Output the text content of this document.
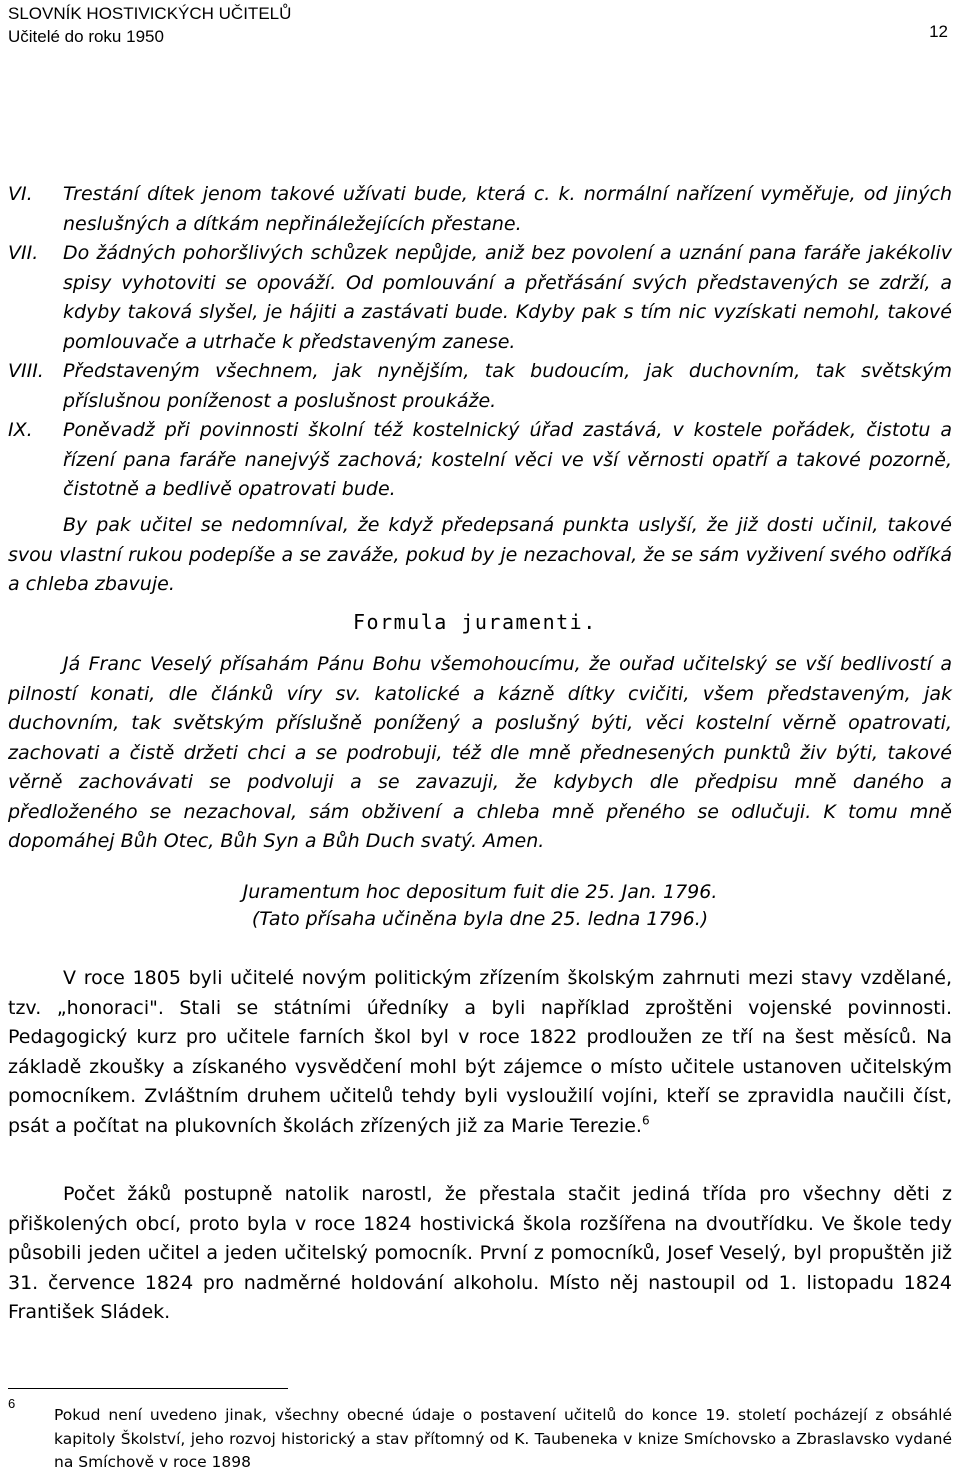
SLOVNÍK HOSTIVICKÝCH UČITELŮ
Učitelé do roku 1950	12
VI.	Trestání dítek jenom takové užívati bude, která c. k. normální nařízení vyměřuje, od jiných neslušných a dítkám nepřináležejících přestane.
VII.	Do žádných pohoršlivých schůzek nepůjde, aniž bez povolení a uznání pana faráře jakékoliv spisy vyhotoviti se opováží. Od pomlouvání a přetřásání svých představených se zdrží, a kdyby taková slyšel, je hájiti a zastávati bude. Kdyby pak s tím nic vyzískati nemohl, takové pomlouvače a utrhače k představeným zanese.
VIII.	Představeným všechnem, jak nynějším, tak budoucím, jak duchovním, tak světským příslušnou poníženost a poslušnost proukáže.
IX.	Poněvadž při povinnosti školní též kostelnický úřad zastává, v kostele pořádek, čistotu a řízení pana faráře nanejvýš zachová; kostelní věci ve vší věrnosti opatří a takové pozorně, čistotně a bedlivě opatrovati bude.
By pak učitel se nedomníval, že když předepsaná punkta uslyší, že již dosti učinil, takové svou vlastní rukou podepíše a se zaváže, pokud by je nezachoval, že se sám vyživení svého odříká a chleba zbavuje.
Formula juramenti.
Já Franc Veselý přísahám Pánu Bohu všemohoucímu, že ouřad učitelský se vší bedlivostí a pilností konati, dle článků víry sv. katolické a kázně dítky cvičiti, všem představeným, jak duchovním, tak světským příslušně ponížený a poslušný býti, věci kostelní věrně opatrovati, zachovati a čistě držeti chci a se podrobuji, též dle mně přednesených punktů živ býti, takové věrně zachovávati se podvoluji a se zavazuji, že kdybych dle předpisu mně daného a předloženého se nezachoval, sám obživení a chleba mně přeného se odlučuji. K tomu mně dopomáhej Bůh Otec, Bůh Syn a Bůh Duch svatý. Amen.
Juramentum hoc depositum fuit die 25. Jan. 1796.
(Tato přísaha učiněna byla dne 25. ledna 1796.)
V roce 1805 byli učitelé novým politickým zřízením školským zahrnuti mezi stavy vzdělané, tzv. „honoraci". Stali se státními úředníky a byli například zproštěni vojenské povinnosti. Pedagogický kurz pro učitele farních škol byl v roce 1822 prodloužen ze tří na šest měsíců. Na základě zkoušky a získaného vysvědčení mohl být zájemce o místo učitele ustanoven učitelským pomocníkem. Zvláštním druhem učitelů tehdy byli vysloužilí vojíni, kteří se zpravidla naučili číst, psát a počítat na plukovních školách zřízených již za Marie Terezie.$^6$
Počet žáků postupně natolik narostl, že přestala stačit jediná třída pro všechny děti z přiškolených obcí, proto byla v roce 1824 hostivická škola rozšířena na dvoutřídku. Ve škole tedy působili jeden učitel a jeden učitelský pomocník. První z pomocníků, Josef Veselý, byl propuštěn již 31. července 1824 pro nadměrné holdování alkoholu. Místo něj nastoupil od 1. listopadu 1824 František Sládek.
6
Pokud není uvedeno jinak, všechny obecné údaje o postavení učitelů do konce 19. století pocházejí z obsáhlé kapitoly Školství, jeho rozvoj historický a stav přítomný od K. Taubeneka v knize Smíchovsko a Zbraslavsko vydané na Smíchově v roce 1898
